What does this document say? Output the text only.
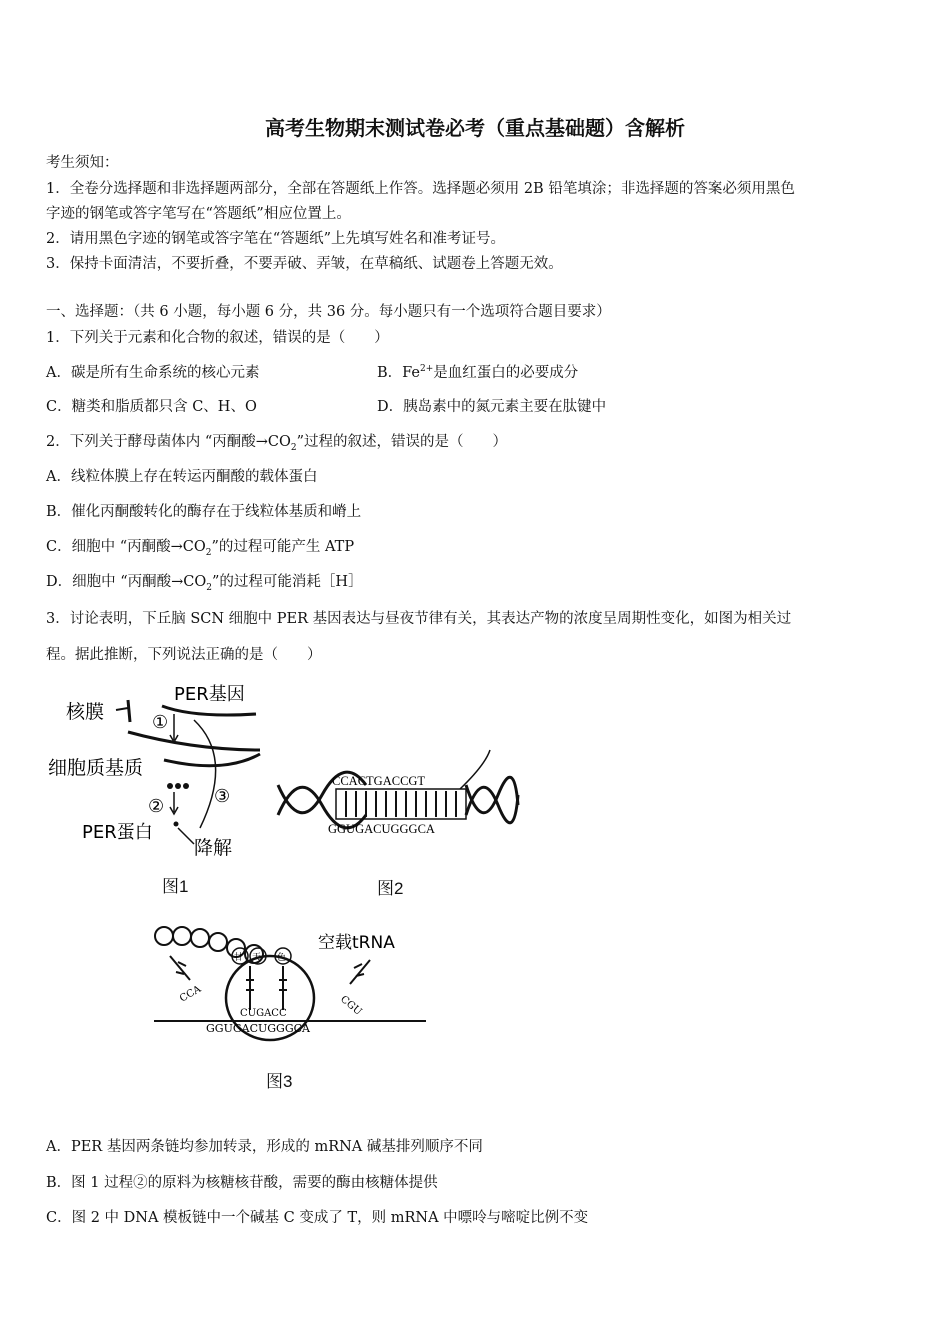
高考生物期末测试卷必考（重点基础题）含解析
考生须知：
1．全卷分选择题和非选择题两部分，全部在答题纸上作答。选择题必须用 2B 铅笔填涂；非选择题的答案必须用黑色
字迹的钢笔或答字笔写在“答题纸”相应位置上。
2．请用黑色字迹的钢笔或答字笔在“答题纸”上先填写姓名和准考证号。
3．保持卡面清洁，不要折叠，不要弄破、弄皱，在草稿纸、试题卷上答题无效。
一、选择题：（共 6 小题，每小题 6 分，共 36 分。每小题只有一个选项符合题目要求）
1．下列关于元素和化合物的叙述，错误的是（　　）
A．碳是所有生命系统的核心元素	B．$Fe^{2+}$是血红蛋白的必要成分
C．糖类和脂质都只含 C、H、O	D．胰岛素中的氮元素主要在肽键中
2．下列关于酵母菌体内 “丙酮酸$\to CO_2$”过程的叙述，错误的是（　　）
A．线粒体膜上存在转运丙酮酸的载体蛋白
B．催化丙酮酸转化的酶存在于线粒体基质和嵴上
C．细胞中 “丙酮酸$\to CO_2$”的过程可能产生 ATP
D．细胞中 “丙酮酸$\to CO_2$”的过程可能消耗［H］
3．讨论表明，下丘脑 SCN 细胞中 PER 基因表达与昼夜节律有关，其表达产物的浓度呈周期性变化，如图为相关过
程。据此推断，下列说法正确的是（　　）
核膜
PER基因
①
细胞质基质
②	③
PER蛋白
降解
图1
CCACTGACCGT
GGUGACUGGGCA
图2
甘 天 色
CCA	CGU
空载tRNA
CUGACC
GGUGACUGGGCA
图3
A．PER 基因两条链均参加转录，形成的 mRNA 碱基排列顺序不同
B．图 1 过程②的原料为核糖核苷酸，需要的酶由核糖体提供
C．图 2 中 DNA 模板链中一个碱基 C 变成了 T，则 mRNA 中嘌呤与嘧啶比例不变
